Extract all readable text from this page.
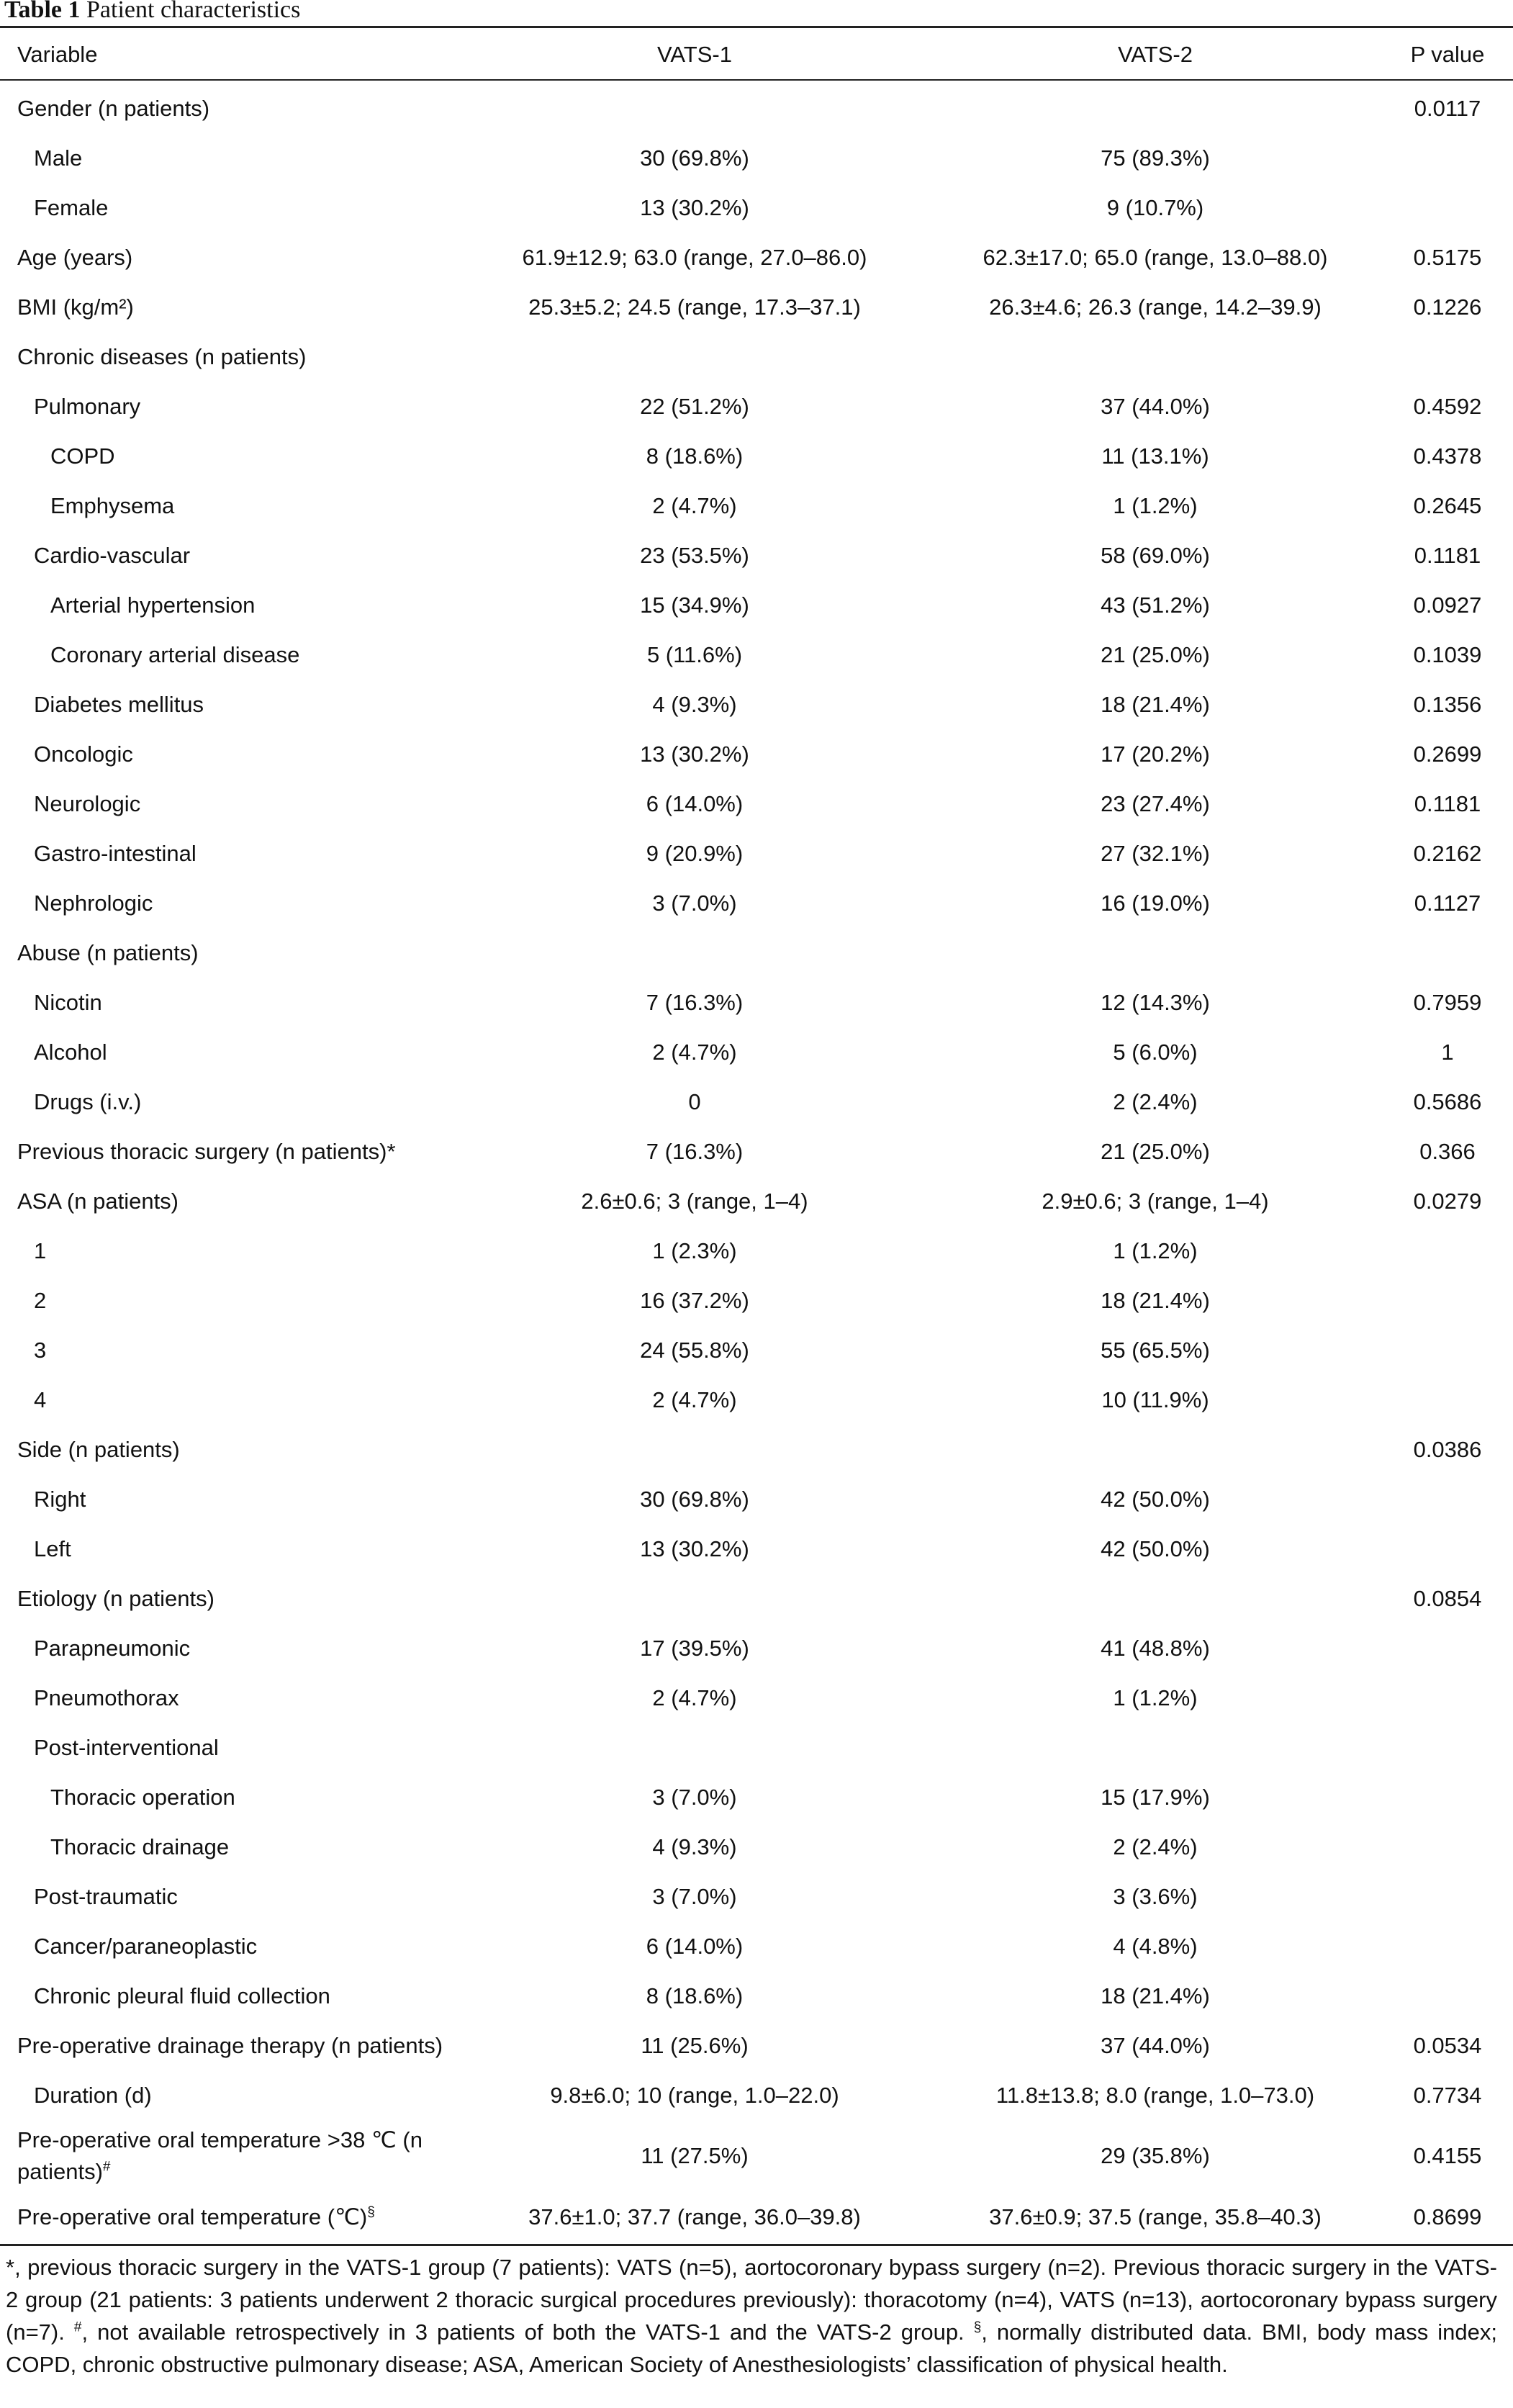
Table 1 Patient characteristics
Variable	VATS-1	VATS-2	P value
Gender (n patients)			0.0117
Male	30 (69.8%)	75 (89.3%)	
Female	13 (30.2%)	9 (10.7%)	
Age (years)	61.9±12.9; 63.0 (range, 27.0–86.0)	62.3±17.0; 65.0 (range, 13.0–88.0)	0.5175
BMI (kg/m²)	25.3±5.2; 24.5 (range, 17.3–37.1)	26.3±4.6; 26.3 (range, 14.2–39.9)	0.1226
Chronic diseases (n patients)			
Pulmonary	22 (51.2%)	37 (44.0%)	0.4592
COPD	8 (18.6%)	11 (13.1%)	0.4378
Emphysema	2 (4.7%)	1 (1.2%)	0.2645
Cardio-vascular	23 (53.5%)	58 (69.0%)	0.1181
Arterial hypertension	15 (34.9%)	43 (51.2%)	0.0927
Coronary arterial disease	5 (11.6%)	21 (25.0%)	0.1039
Diabetes mellitus	4 (9.3%)	18 (21.4%)	0.1356
Oncologic	13 (30.2%)	17 (20.2%)	0.2699
Neurologic	6 (14.0%)	23 (27.4%)	0.1181
Gastro-intestinal	9 (20.9%)	27 (32.1%)	0.2162
Nephrologic	3 (7.0%)	16 (19.0%)	0.1127
Abuse (n patients)			
Nicotin	7 (16.3%)	12 (14.3%)	0.7959
Alcohol	2 (4.7%)	5 (6.0%)	1
Drugs (i.v.)	0	2 (2.4%)	0.5686
Previous thoracic surgery (n patients)*	7 (16.3%)	21 (25.0%)	0.366
ASA (n patients)	2.6±0.6; 3 (range, 1–4)	2.9±0.6; 3 (range, 1–4)	0.0279
1	1 (2.3%)	1 (1.2%)	
2	16 (37.2%)	18 (21.4%)	
3	24 (55.8%)	55 (65.5%)	
4	2 (4.7%)	10 (11.9%)	
Side (n patients)			0.0386
Right	30 (69.8%)	42 (50.0%)	
Left	13 (30.2%)	42 (50.0%)	
Etiology (n patients)			0.0854
Parapneumonic	17 (39.5%)	41 (48.8%)	
Pneumothorax	2 (4.7%)	1 (1.2%)	
Post-interventional			
Thoracic operation	3 (7.0%)	15 (17.9%)	
Thoracic drainage	4 (9.3%)	2 (2.4%)	
Post-traumatic	3 (7.0%)	3 (3.6%)	
Cancer/paraneoplastic	6 (14.0%)	4 (4.8%)	
Chronic pleural fluid collection	8 (18.6%)	18 (21.4%)	
Pre-operative drainage therapy (n patients)	11 (25.6%)	37 (44.0%)	0.0534
Duration (d)	9.8±6.0; 10 (range, 1.0–22.0)	11.8±13.8; 8.0 (range, 1.0–73.0)	0.7734
Pre-operative oral temperature >38 ℃ (n patients)#	11 (27.5%)	29 (35.8%)	0.4155
Pre-operative oral temperature (℃)§	37.6±1.0; 37.7 (range, 36.0–39.8)	37.6±0.9; 37.5 (range, 35.8–40.3)	0.8699
*, previous thoracic surgery in the VATS-1 group (7 patients): VATS (n=5), aortocoronary bypass surgery (n=2). Previous thoracic surgery in the VATS-2 group (21 patients: 3 patients underwent 2 thoracic surgical procedures previously): thoracotomy (n=4), VATS (n=13), aortocoronary bypass surgery (n=7). #, not available retrospectively in 3 patients of both the VATS-1 and the VATS-2 group. §, normally distributed data. BMI, body mass index; COPD, chronic obstructive pulmonary disease; ASA, American Society of Anesthesiologists’ classification of physical health.
